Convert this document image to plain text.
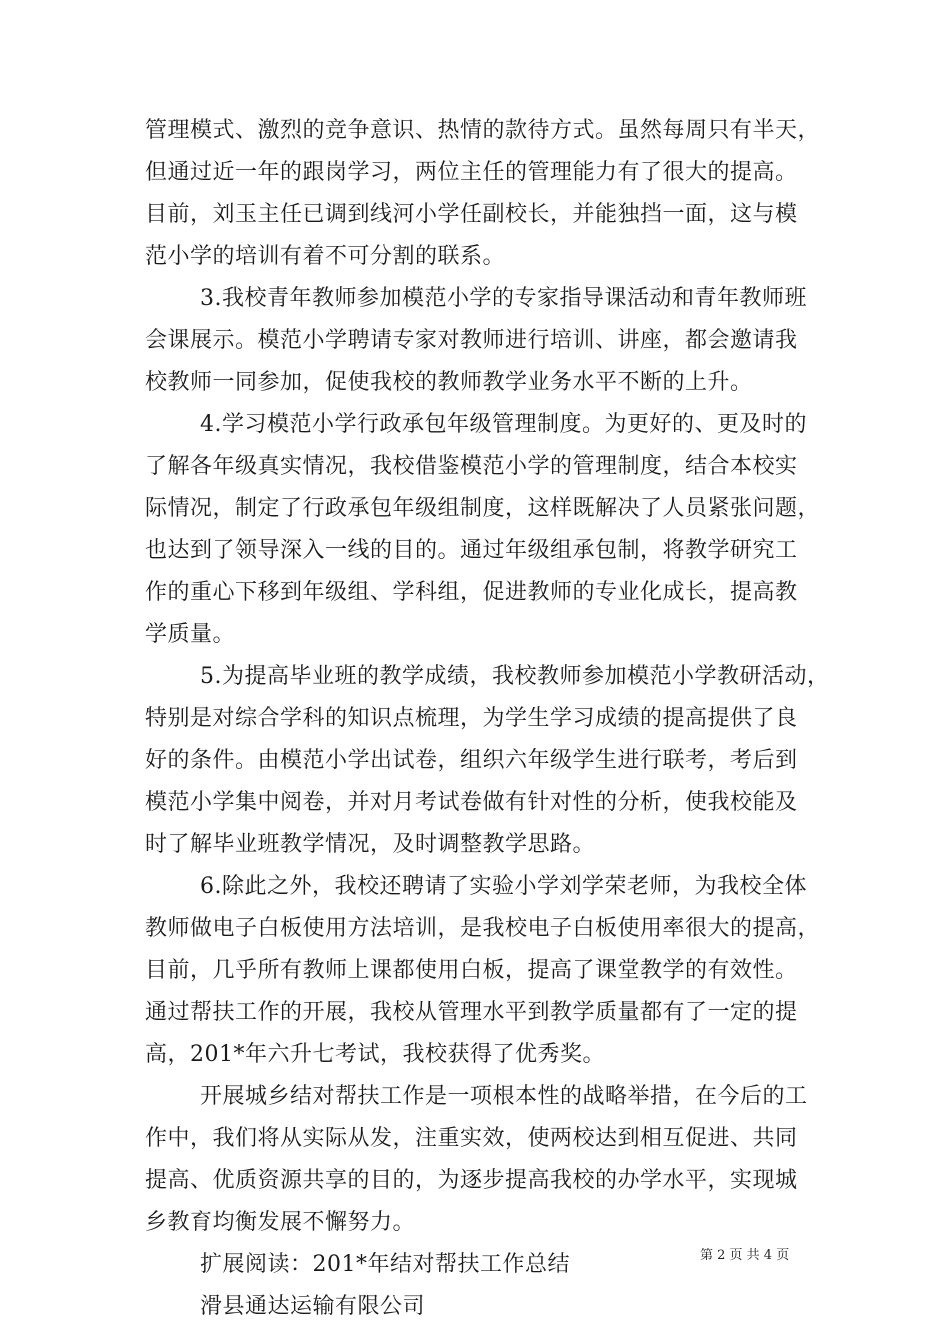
管理模式、激烈的竞争意识、热情的款待方式。虽然每周只有半天，
但通过近一年的跟岗学习，两位主任的管理能力有了很大的提高。
目前，刘玉主任已调到线河小学任副校长，并能独挡一面，这与模
范小学的培训有着不可分割的联系。
3.我校青年教师参加模范小学的专家指导课活动和青年教师班
会课展示。模范小学聘请专家对教师进行培训、讲座，都会邀请我
校教师一同参加，促使我校的教师教学业务水平不断的上升。
4.学习模范小学行政承包年级管理制度。为更好的、更及时的
了解各年级真实情况，我校借鉴模范小学的管理制度，结合本校实
际情况，制定了行政承包年级组制度，这样既解决了人员紧张问题，
也达到了领导深入一线的目的。通过年级组承包制，将教学研究工
作的重心下移到年级组、学科组，促进教师的专业化成长，提高教
学质量。
5.为提高毕业班的教学成绩，我校教师参加模范小学教研活动，
特别是对综合学科的知识点梳理，为学生学习成绩的提高提供了良
好的条件。由模范小学出试卷，组织六年级学生进行联考，考后到
模范小学集中阅卷，并对月考试卷做有针对性的分析，使我校能及
时了解毕业班教学情况，及时调整教学思路。
6.除此之外，我校还聘请了实验小学刘学荣老师，为我校全体
教师做电子白板使用方法培训，是我校电子白板使用率很大的提高，
目前，几乎所有教师上课都使用白板，提高了课堂教学的有效性。
通过帮扶工作的开展，我校从管理水平到教学质量都有了一定的提
高，201*年六升七考试，我校获得了优秀奖。
开展城乡结对帮扶工作是一项根本性的战略举措，在今后的工
作中，我们将从实际从发，注重实效，使两校达到相互促进、共同
提高、优质资源共享的目的，为逐步提高我校的办学水平，实现城
乡教育均衡发展不懈努力。
扩展阅读：201*年结对帮扶工作总结
滑县通达运输有限公司
第 2 页 共 4 页
